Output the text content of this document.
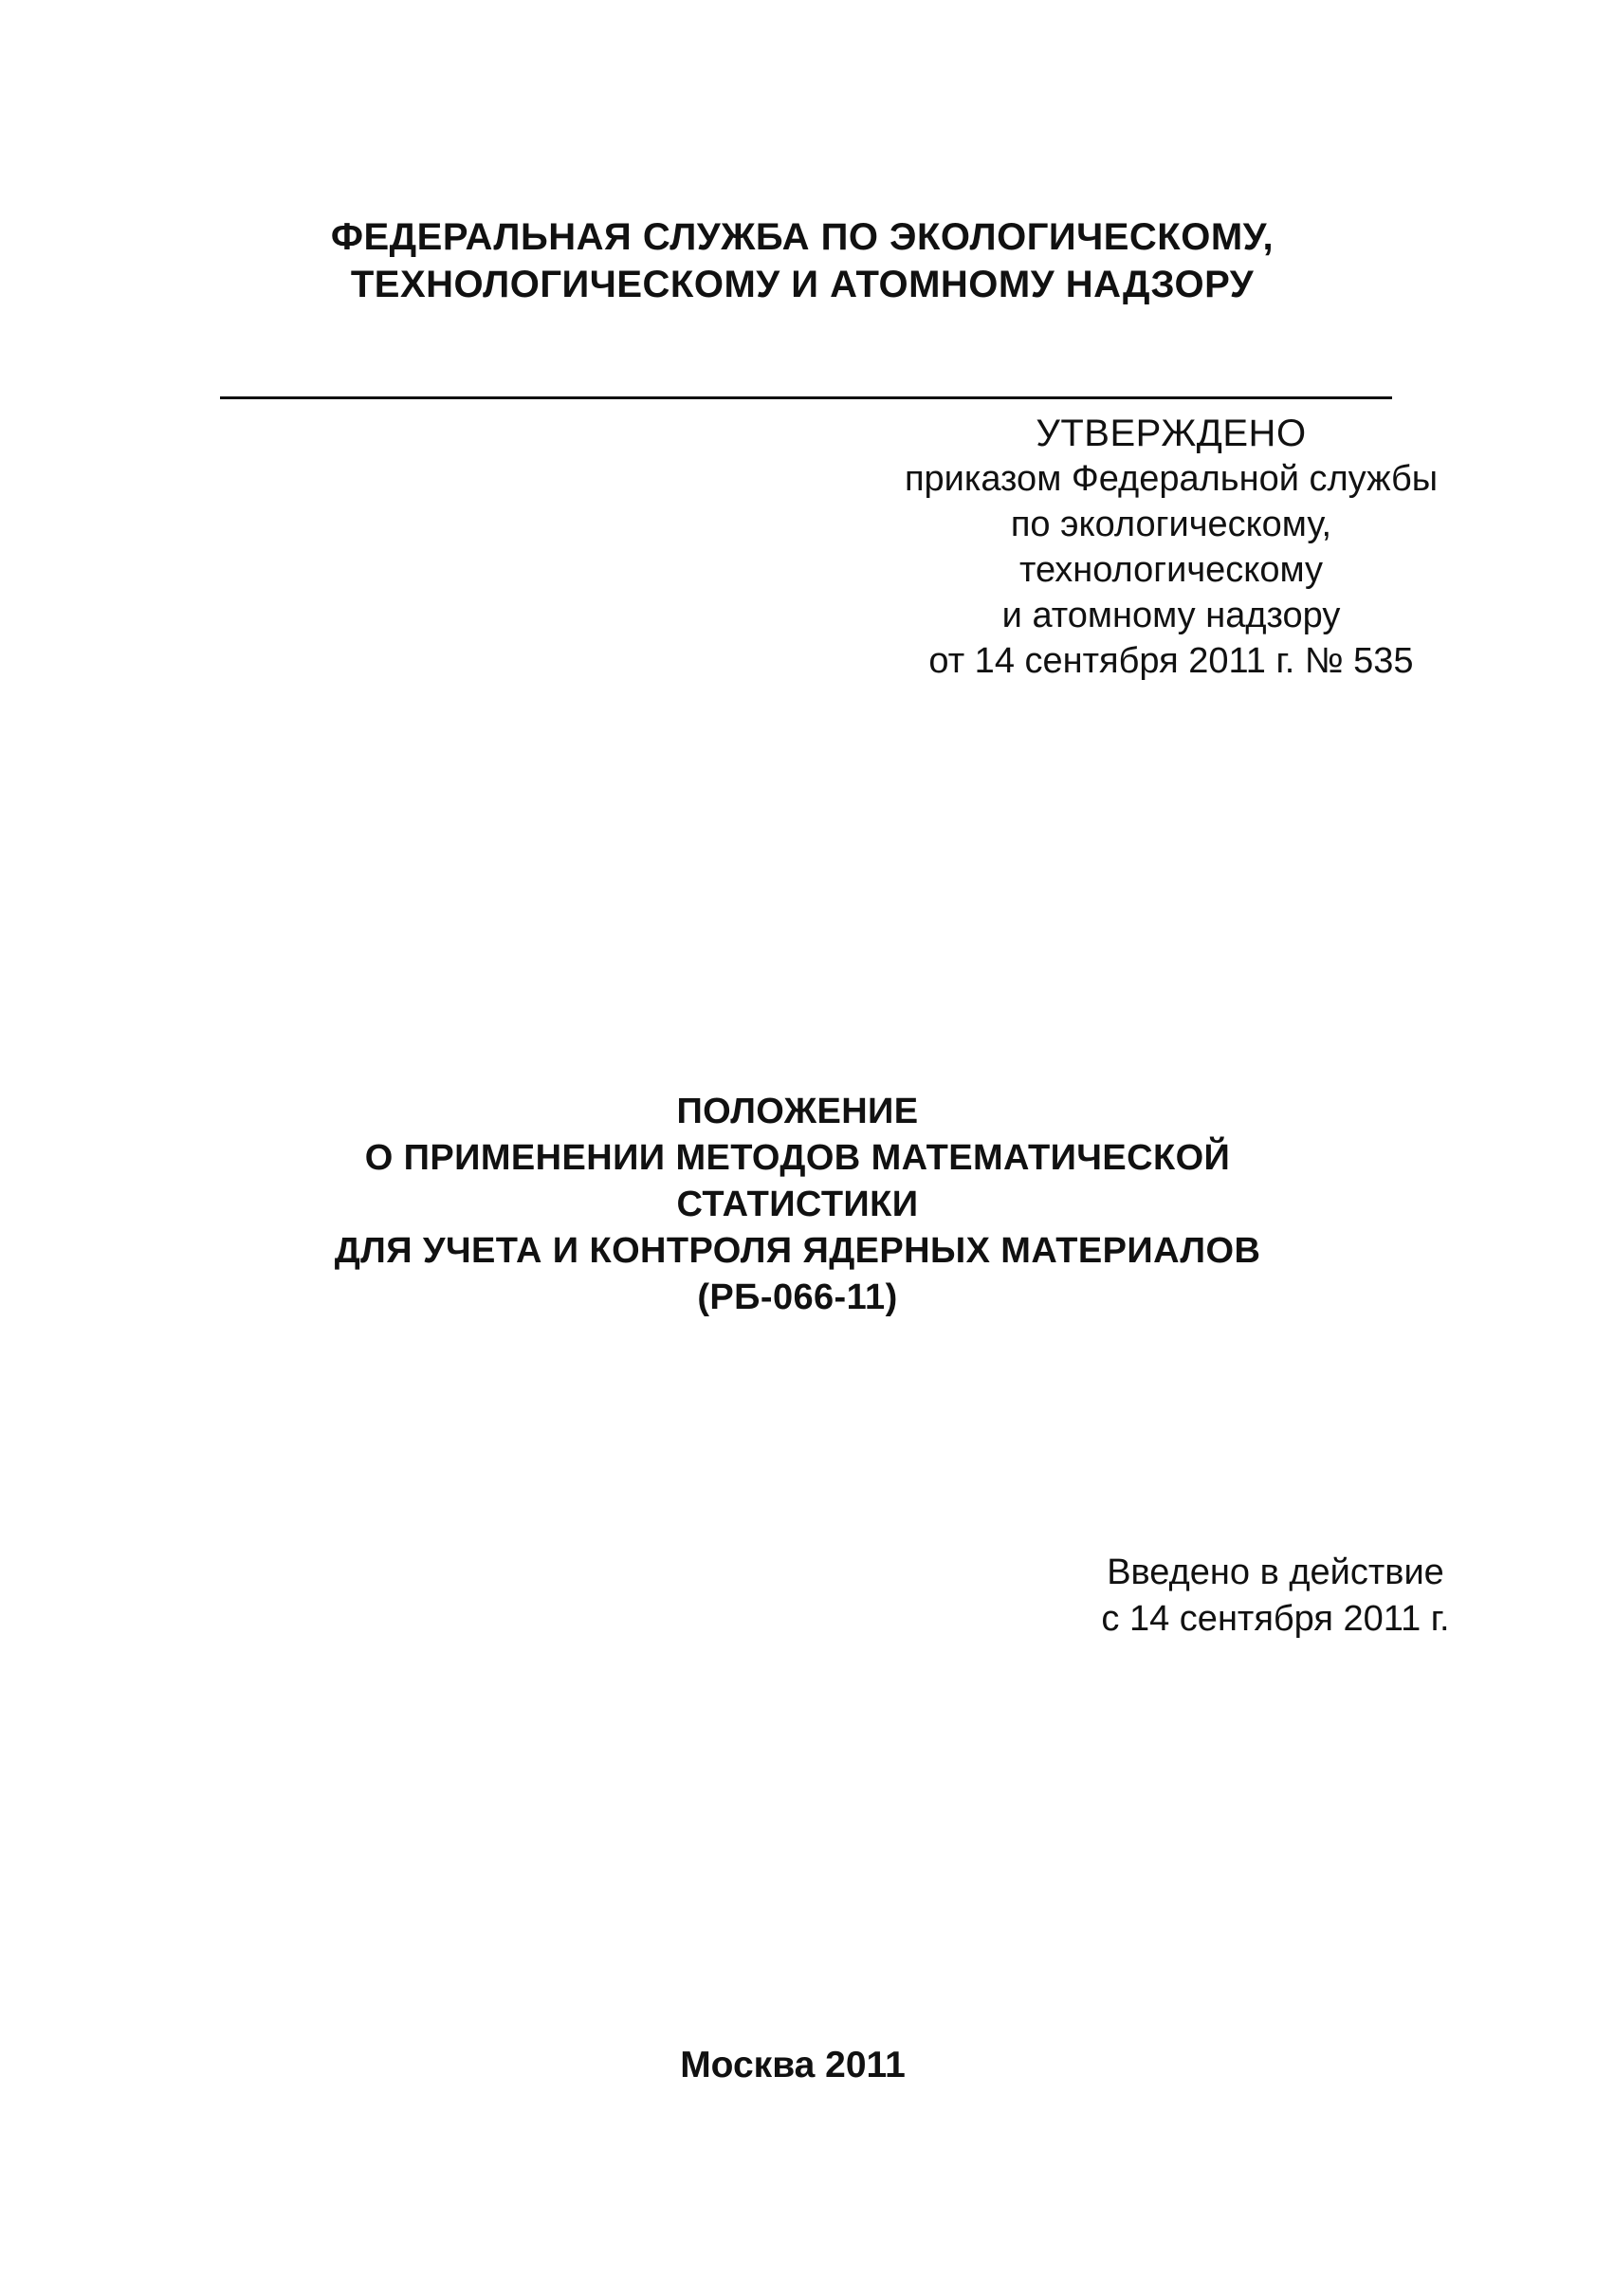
ФЕДЕРАЛЬНАЯ СЛУЖБА ПО ЭКОЛОГИЧЕСКОМУ,
ТЕХНОЛОГИЧЕСКОМУ И АТОМНОМУ НАДЗОРУ
УТВЕРЖДЕНО
приказом Федеральной службы
по экологическому,
технологическому
и атомному надзору
от 14 сентября 2011 г. № 535
ПОЛОЖЕНИЕ
О ПРИМЕНЕНИИ МЕТОДОВ МАТЕМАТИЧЕСКОЙ
СТАТИСТИКИ
ДЛЯ УЧЕТА И КОНТРОЛЯ ЯДЕРНЫХ МАТЕРИАЛОВ
(РБ-066-11)
Введено в действие
с 14 сентября 2011 г.
Москва 2011
